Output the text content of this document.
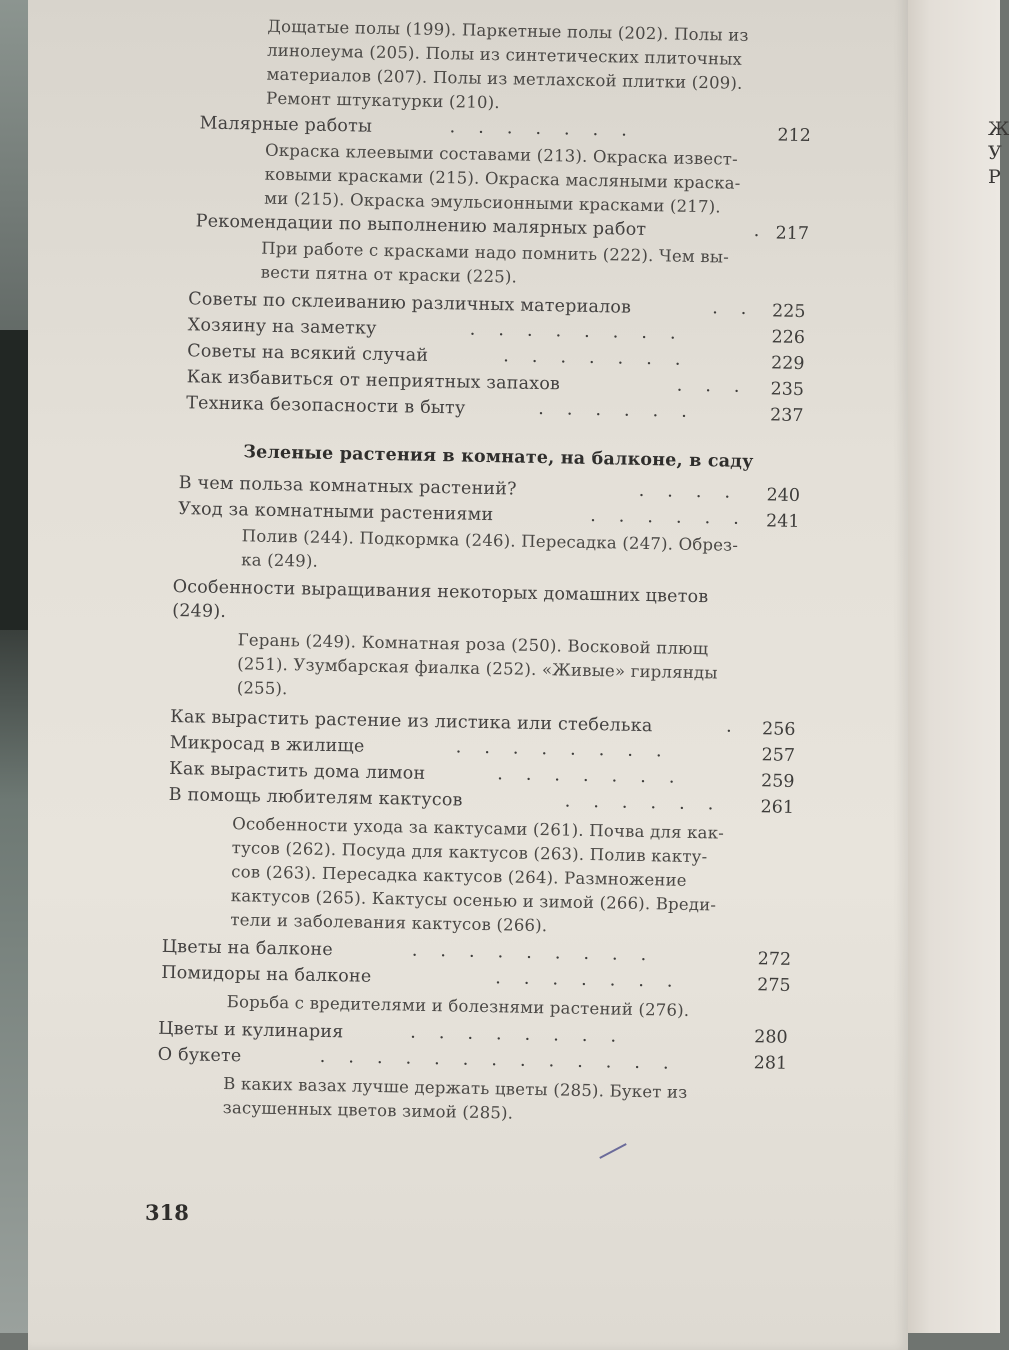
Ж
У
Р

Дощатые полы (199). Паркетные полы (202). Полы из

линолеума (205). Полы из синтетических плиточных

материалов (207). Полы из метлахской плитки (209).

Ремонт штукатурки (210).

Малярные работы	.    .    .    .    .    .    .	212

Окраска клеевыми составами (213). Окраска извест-

ковыми красками (215). Окраска масляными краска-

ми (215). Окраска эмульсионными красками (217).

Рекомендации по выполнению малярных работ	. 217

При работе с красками надо помнить (222). Чем вы-

вести пятна от краски (225).

Советы по склеиванию различных материалов	.    . 225

Хозяину на заметку	.    .    .    .    .    .    .    .	226

Советы на всякий случай	.    .    .    .    .    .    .	229

Как избавиться от неприятных запахов	.    .    . 235

Техника безопасности в быту	.    .    .    .    .    .	237

Зеленые растения в комнате, на балконе, в саду

В чем польза комнатных растений?	.    .    .    . 240

Уход за комнатными растениями	.    .    .    .    .    . 241

Полив (244). Подкормка (246). Пересадка (247). Обрез-

ка (249).

Особенности выращивания некоторых домашних цветов

(249).

Герань (249). Комнатная роза (250). Восковой плющ

(251). Узумбарская фиалка (252). «Живые» гирлянды

(255).

Как вырастить растение из листика или стебелька	. 256

Микросад в жилище	.    .    .    .    .    .    .    .	257

Как вырастить дома лимон	.    .    .    .    .    .    .	259

В помощь любителям кактусов	.    .    .    .    .    .	261

Особенности ухода за кактусами (261). Почва для как-

тусов (262). Посуда для кактусов (263). Полив какту-

сов (263). Пересадка кактусов (264). Размножение

кактусов (265). Кактусы осенью и зимой (266). Вреди-

тели и заболевания кактусов (266).

Цветы на балконе	.    .    .    .    .    .    .    .    .	272

Помидоры на балконе	.    .    .    .    .    .    .	275

Борьба с вредителями и болезнями растений (276).

Цветы и кулинария	.    .    .    .    .    .    .    .	280

О букете	.    .    .    .    .    .    .    .    .    .    .    .    .	281

В каких вазах лучше держать цветы (285). Букет из

засушенных цветов зимой (285).

318
